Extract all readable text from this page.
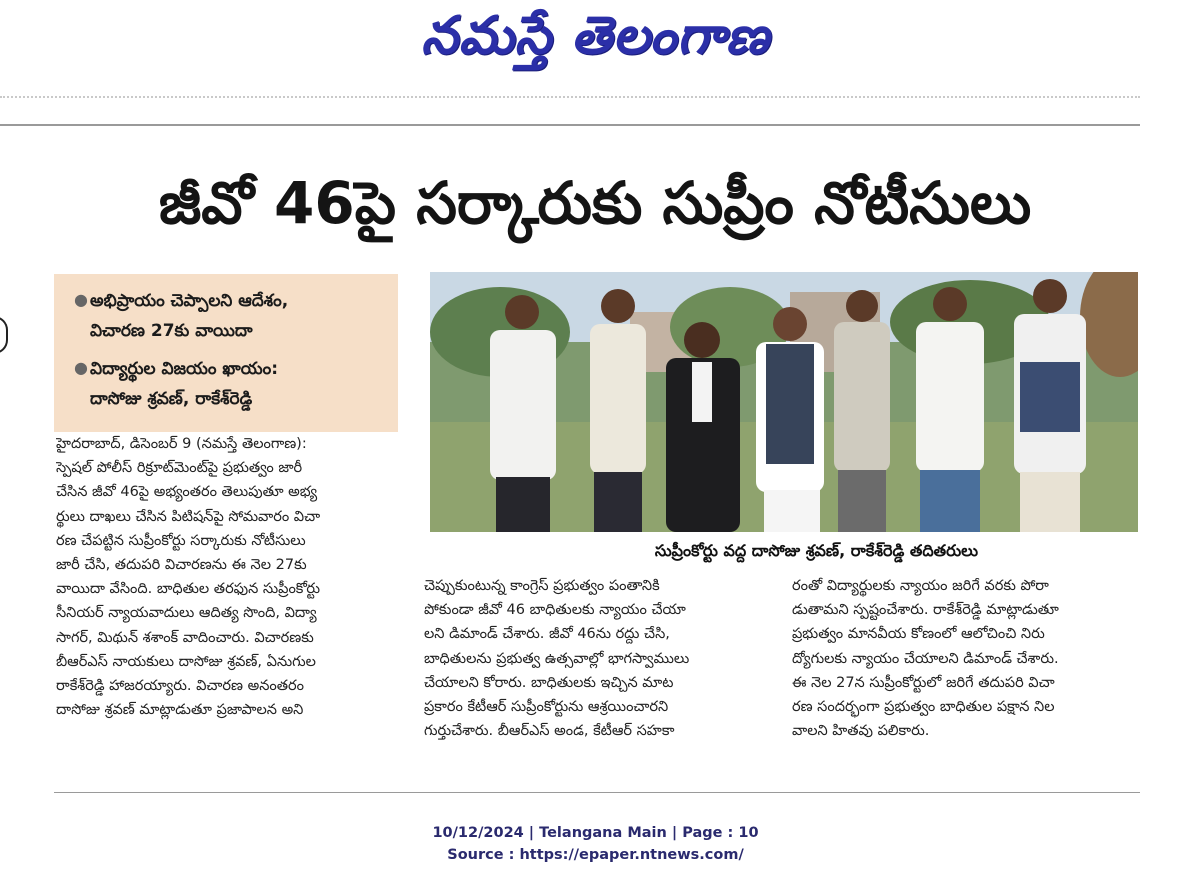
నమస్తే తెలంగాణ
జీవో 46పై సర్కారుకు సుప్రీం నోటీసులు
● అభిప్రాయం చెప్పాలని ఆదేశం,
విచారణ 27కు వాయిదా
● విద్యార్థుల విజయం ఖాయం:
దాసోజు శ్రవణ్, రాకేశ్‌రెడ్డి
సుప్రీంకోర్టు వద్ద దాసోజు శ్రవణ్, రాకేశ్‌రెడ్డి తదితరులు

హైదరాబాద్, డిసెంబర్ 9 (నమస్తే తెలంగాణ):

స్పెషల్ పోలీస్ రిక్రూట్‌మెంట్‌పై ప్రభుత్వం జారీ

చేసిన జీవో 46పై అభ్యంతరం తెలుపుతూ అభ్య

ర్థులు దాఖలు చేసిన పిటిషన్‌పై సోమవారం విచా

రణ చేపట్టిన సుప్రీంకోర్టు సర్కారుకు నోటీసులు

జారీ చేసి, తదుపరి విచారణను ఈ నెల 27కు

వాయిదా వేసింది. బాధితుల తరఫున సుప్రీంకోర్టు

సీనియర్ న్యాయవాదులు ఆదిత్య సొంది, విద్యా

సాగర్, మిథున్ శశాంక్ వాదించారు. విచారణకు

బీఆర్‌ఎస్ నాయకులు దాసోజు శ్రవణ్, ఏనుగుల

రాకేశ్‌రెడ్డి హాజరయ్యారు. విచారణ అనంతరం

దాసోజు శ్రవణ్ మాట్లాడుతూ ప్రజాపాలన అని

చెప్పుకుంటున్న కాంగ్రెస్ ప్రభుత్వం పంతానికి

పోకుండా జీవో 46 బాధితులకు న్యాయం చేయా

లని డిమాండ్ చేశారు. జీవో 46ను రద్దు చేసి,

బాధితులను ప్రభుత్వ ఉత్సవాల్లో భాగస్వాములు

చేయాలని కోరారు. బాధితులకు ఇచ్చిన మాట

ప్రకారం కేటీఆర్ సుప్రీంకోర్టును ఆశ్రయించారని

గుర్తుచేశారు. బీఆర్‌ఎస్ అండ, కేటీఆర్ సహకా

రంతో విద్యార్థులకు న్యాయం జరిగే వరకు పోరా

డుతామని స్పష్టంచేశారు. రాకేశ్‌రెడ్డి మాట్లాడుతూ

ప్రభుత్వం మానవీయ కోణంలో ఆలోచించి నిరు

ద్యోగులకు న్యాయం చేయాలని డిమాండ్ చేశారు.

ఈ నెల 27న సుప్రీంకోర్టులో జరిగే తదుపరి విచా

రణ సందర్భంగా ప్రభుత్వం బాధితుల పక్షాన నిల

వాలని హితవు పలికారు.

10/12/2024 | Telangana Main | Page : 10
Source : https://epaper.ntnews.com/
